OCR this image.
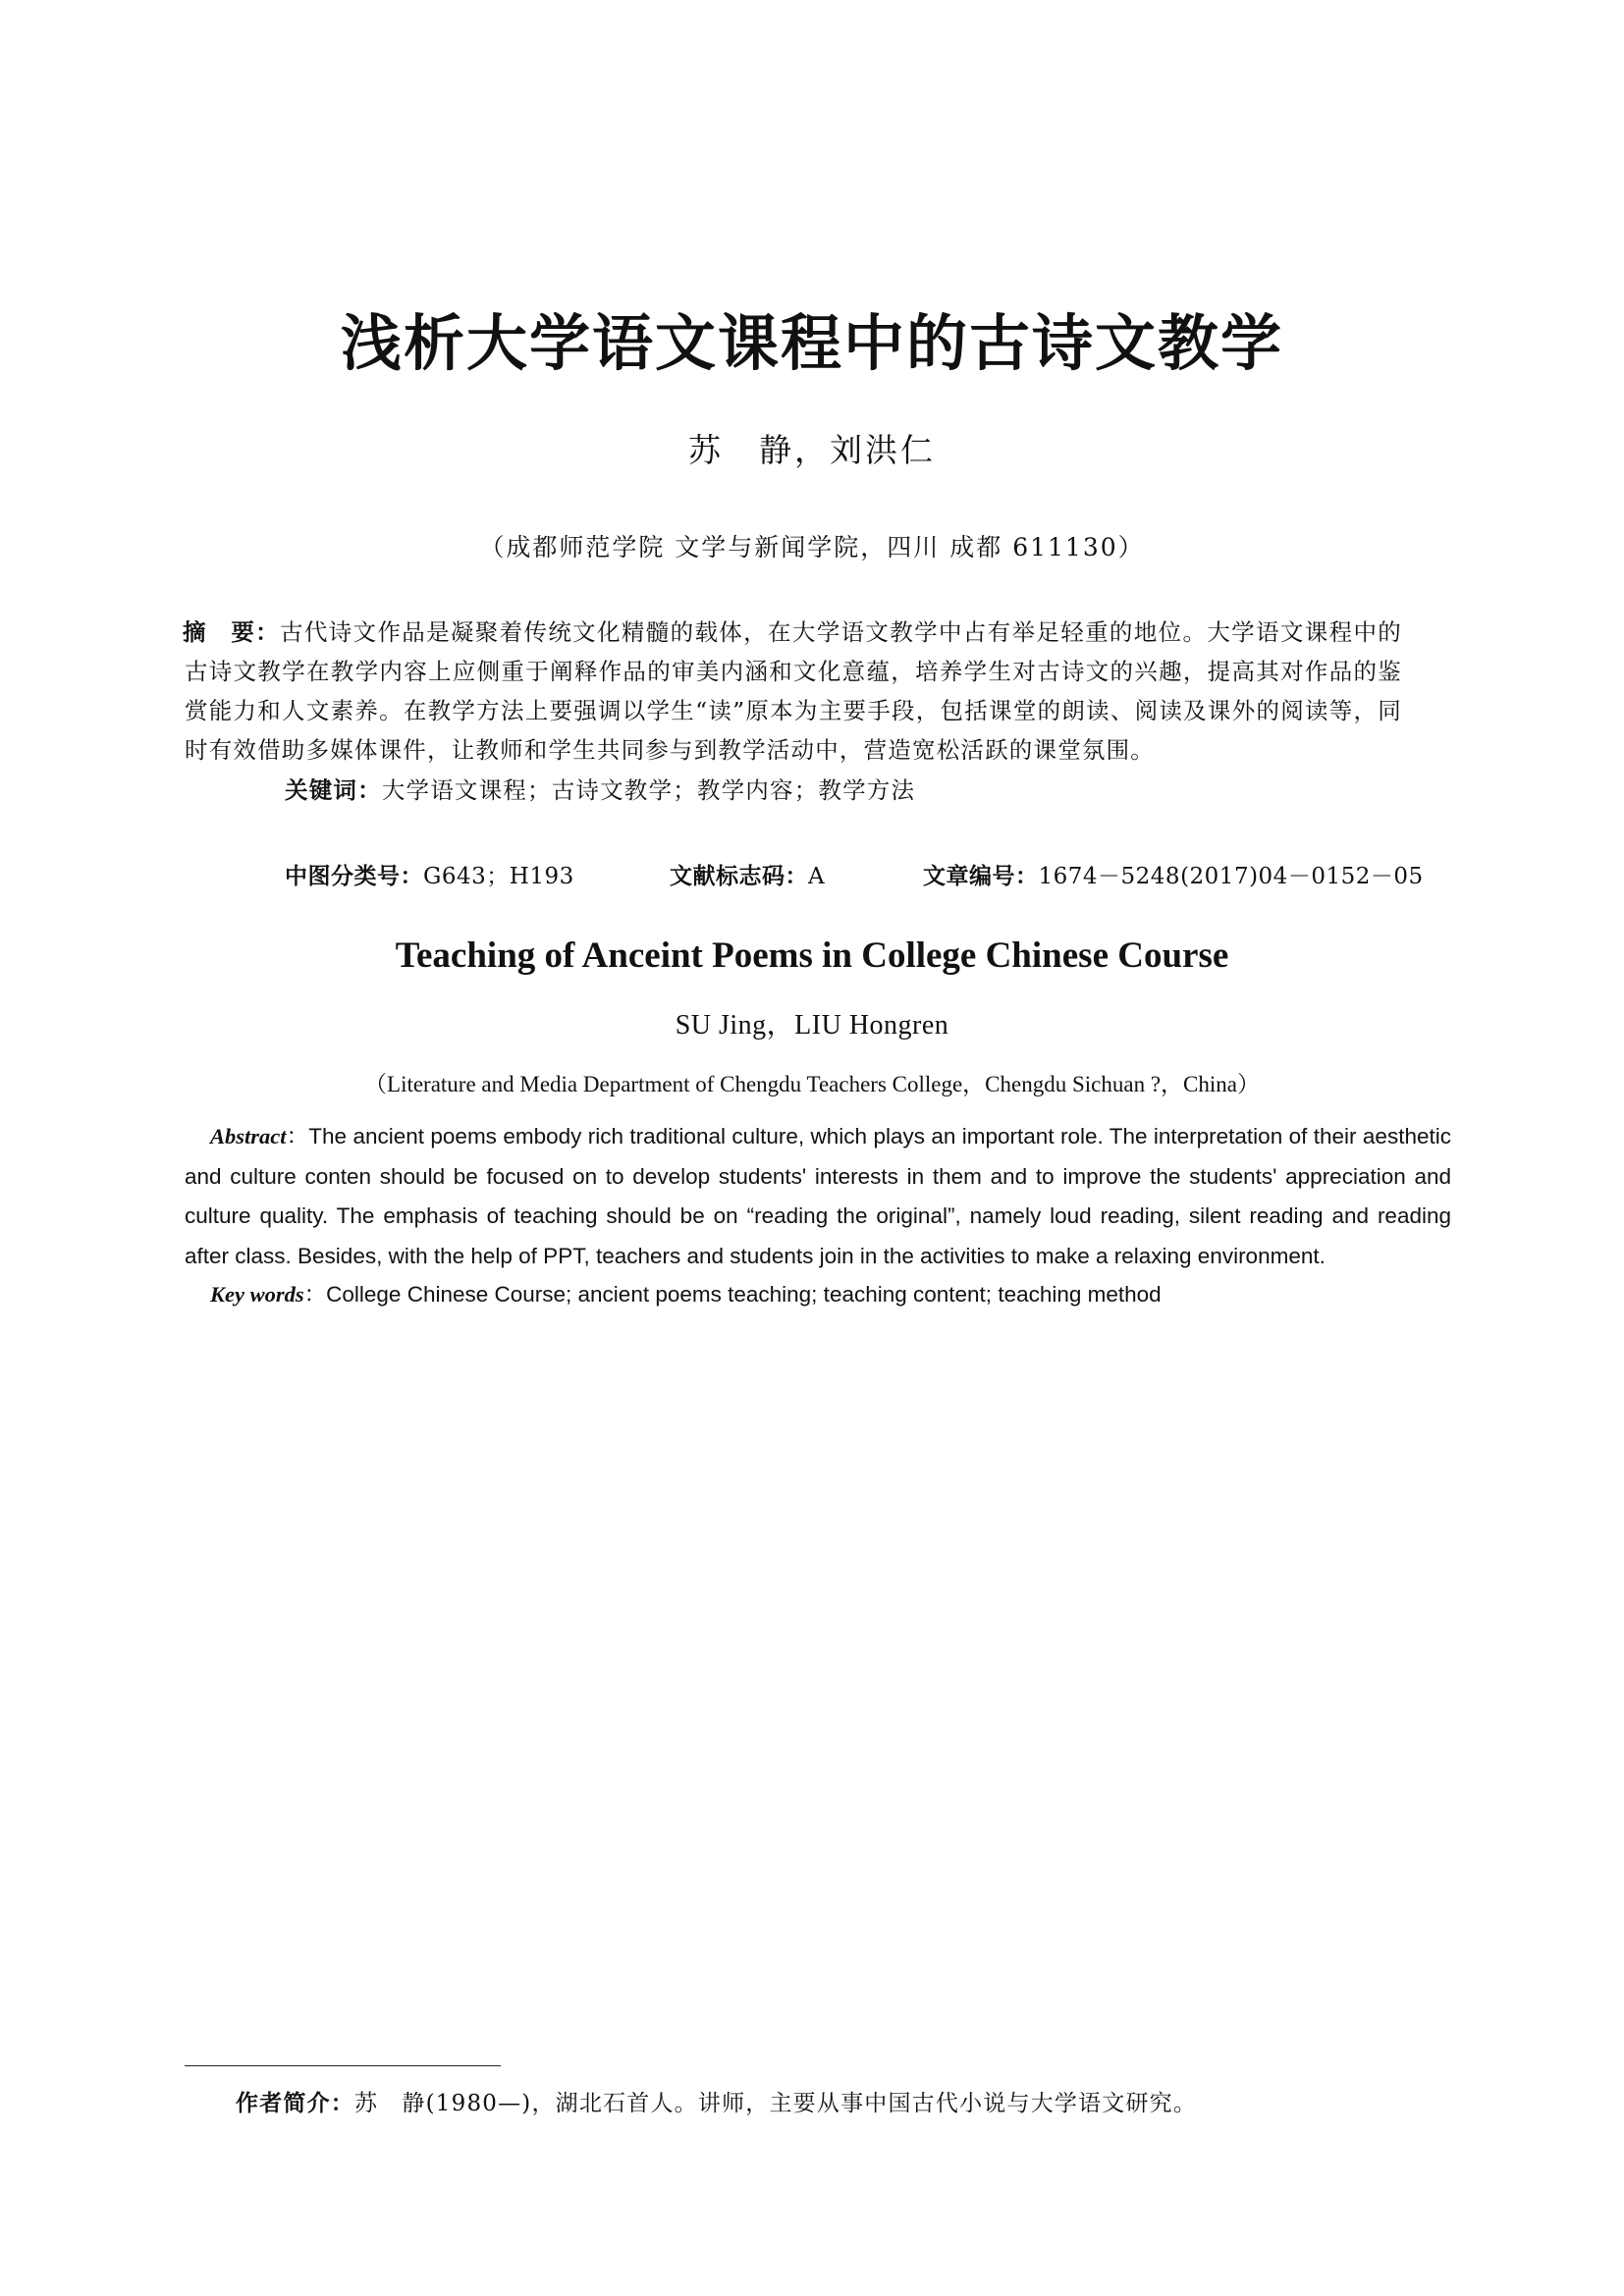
浅析大学语文课程中的古诗文教学
苏　静，刘洪仁
（成都师范学院 文学与新闻学院，四川 成都 611130）
摘　要：古代诗文作品是凝聚着传统文化精髓的载体，在大学语文教学中占有举足轻重的地位。大学语文课程中的古诗文教学在教学内容上应侧重于阐释作品的审美内涵和文化意蕴，培养学生对古诗文的兴趣，提高其对作品的鉴赏能力和人文素养。在教学方法上要强调以学生“读”原本为主要手段，包括课堂的朗读、阅读及课外的阅读等，同时有效借助多媒体课件，让教师和学生共同参与到教学活动中，营造宽松活跃的课堂氛围。
关键词：大学语文课程；古诗文教学；教学内容；教学方法
中图分类号：G643；H193	文献标志码：A	文章编号：1674－5248(2017)04－0152－05
Teaching of Anceint Poems in College Chinese Course
SU Jing，LIU Hongren
（Literature and Media Department of Chengdu Teachers College，Chengdu Sichuan ?，China）
Abstract：The ancient poems embody rich traditional culture, which plays an important role. The interpretation of their aesthetic and culture conten should be focused on to develop students' interests in them and to improve the students' appreciation and culture quality. The emphasis of teaching should be on “reading the original”, namely loud reading, silent reading and reading after class. Besides, with the help of PPT, teachers and students join in the activities to make a relaxing environment.
Key words：College Chinese Course; ancient poems teaching; teaching content; teaching method
作者简介：苏　静(1980—)，湖北石首人。讲师，主要从事中国古代小说与大学语文研究。
